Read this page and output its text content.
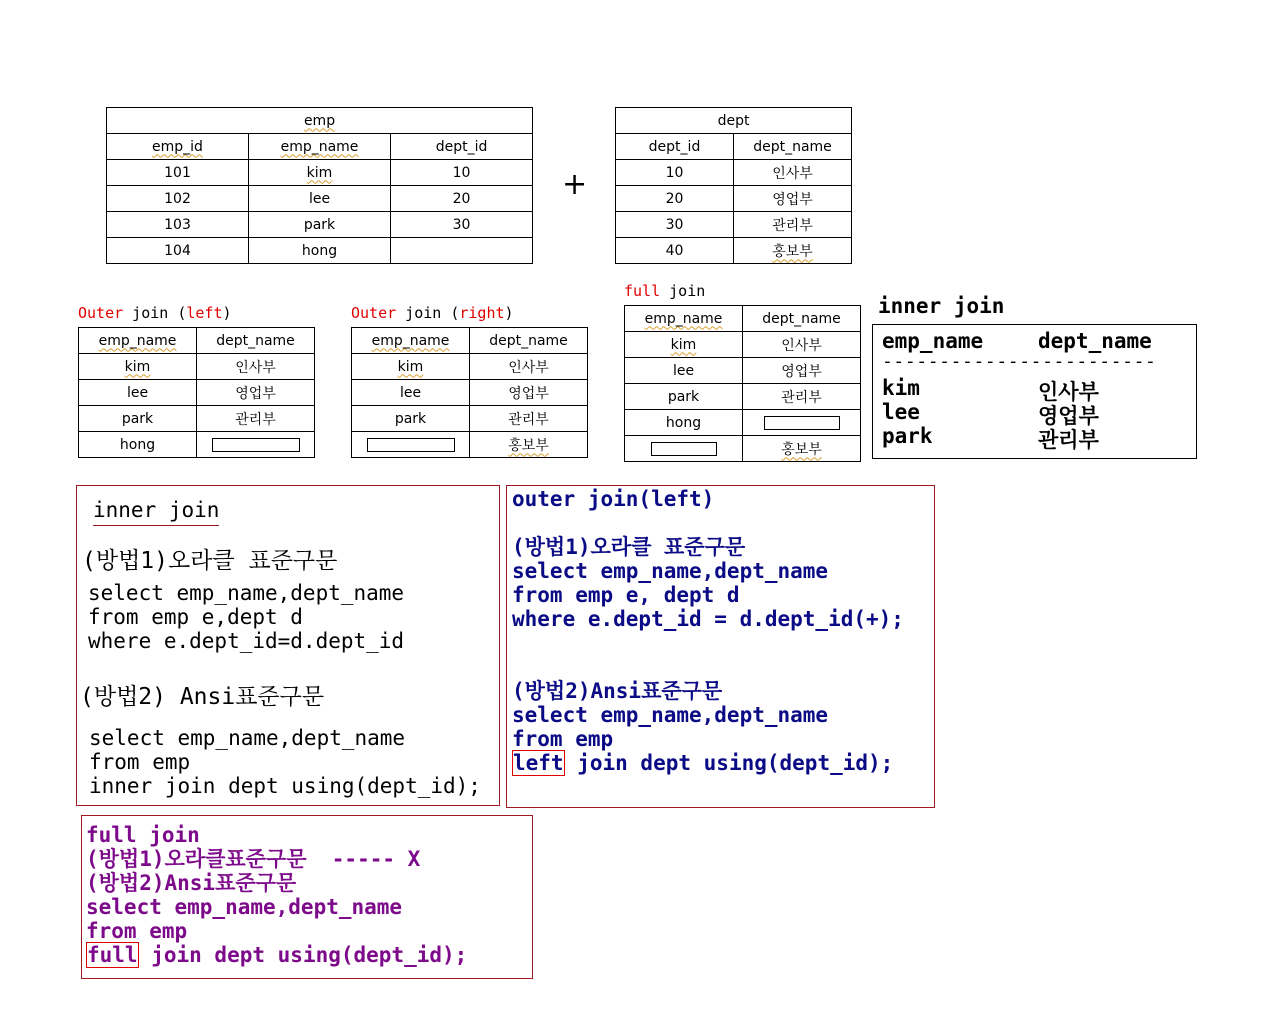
emp		
emp_id	emp_name	dept_id
101	kim	10
102	lee	20
103	park	30
104	hong	
+
dept	
dept_id	dept_name
10	인사부
20	영업부
30	관리부
40	홍보부
Outer join (left)
emp_name	dept_name
kim	인사부
lee	영업부
park	관리부
hong	
Outer join (right)
emp_name	dept_name
kim	인사부
lee	영업부
park	관리부
	홍보부
full join
emp_name	dept_name
kim	인사부
lee	영업부
park	관리부
hong	
	홍보부
inner join
emp_name	dept_name
------------------------
kim	인사부
lee	영업부
park	관리부
inner join
(방법1)오라클 표준구문
select emp_name,dept_name
from emp e,dept d
where e.dept_id=d.dept_id
(방법2) Ansi표준구문
select emp_name,dept_name
from emp
inner join dept using(dept_id);
outer join(left)
(방법1)오라클 표준구문
select emp_name,dept_name
from emp e, dept d
where e.dept_id = d.dept_id(+);
(방법2)Ansi표준구문
select emp_name,dept_name
from emp
left join dept using(dept_id);
full join
(방법1)오라클표준구문  ----- X
(방법2)Ansi표준구문
select emp_name,dept_name
from emp
full join dept using(dept_id);
